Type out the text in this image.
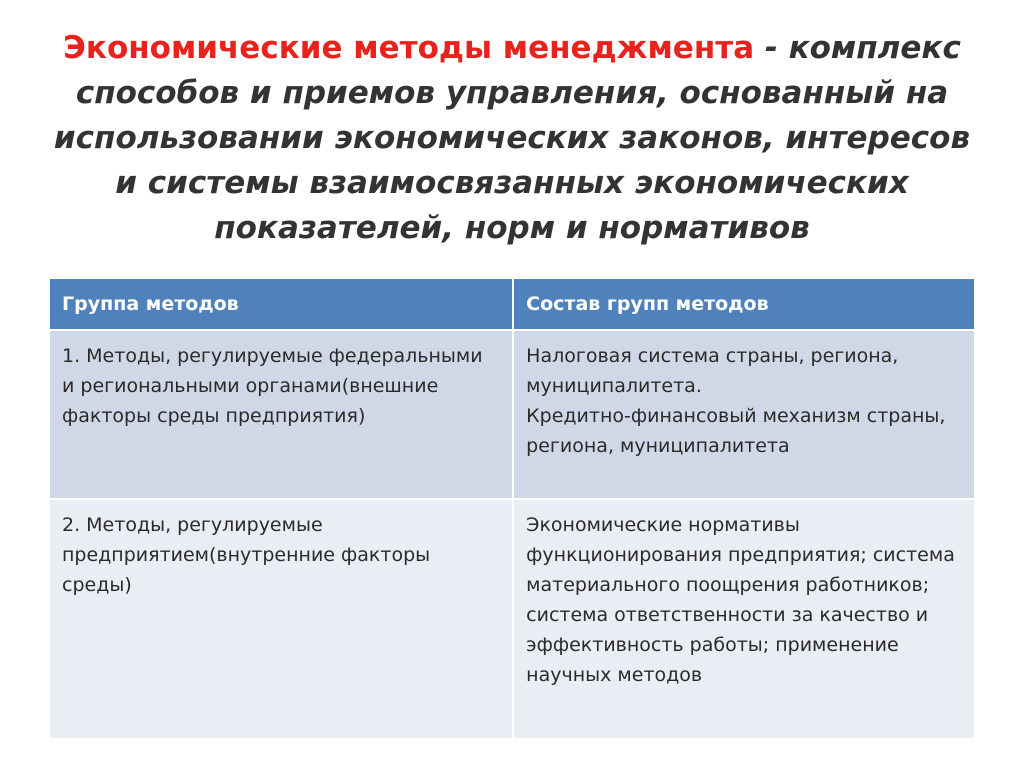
Экономические методы менеджмента - комплекс способов и приемов управления, основанный на использовании экономических законов, интересов и системы взаимосвязанных экономических показателей, норм и нормативов
Группа методов	Состав групп методов
1. Методы, регулируемые федеральными и региональными органами(внешние факторы среды предприятия)	Налоговая система страны, региона, муниципалитета.
Кредитно-финансовый механизм страны, региона, муниципалитета

2. Методы, регулируемые предприятием(внутренние факторы среды)	Экономические нормативы функционирования предприятия; система материального поощрения работников; система ответственности за качество и эффективность работы; применение научных методов
